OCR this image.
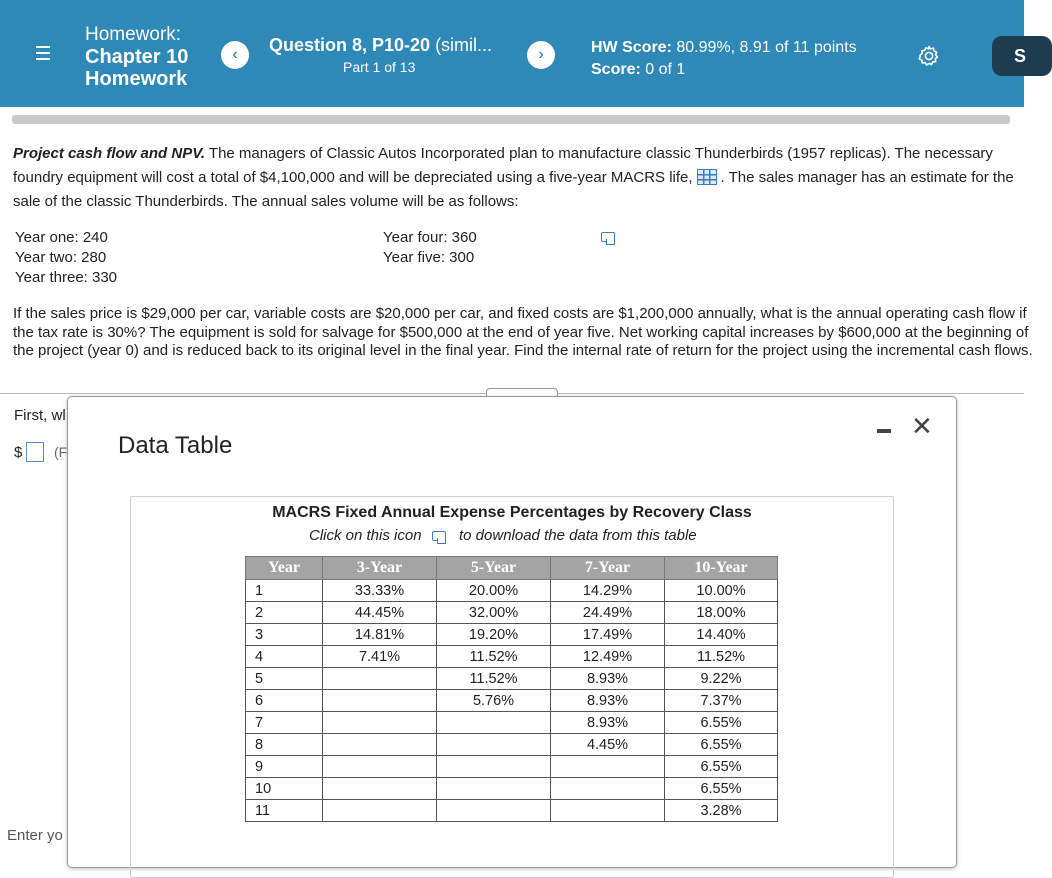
Homework:
Chapter 10
Homework
‹	Question 8, P10-20 (simil...
Part 1 of 13
›	HW Score: 80.99%, 8.91 of 11 points
Score: 0 of 1
S
Project cash flow and NPV. The managers of Classic Autos Incorporated plan to manufacture classic Thunderbirds (1957 replicas). The necessary foundry equipment will cost a total of $4,100,000 and will be depreciated using a five-year MACRS life, . The sales manager has an estimate for the sale of the classic Thunderbirds. The annual sales volume will be as follows:
Year one: 240
Year two: 280
Year three: 330
Year four: 360
Year five: 300
If the sales price is $29,000 per car, variable costs are $20,000 per car, and fixed costs are $1,200,000 annually, what is the annual operating cash flow if the tax rate is 30%? The equipment is sold for salvage for $500,000 at the end of year five. Net working capital increases by $600,000 at the beginning of the project (year 0) and is reduced back to its original level in the final year. Find the internal rate of return for the project using the incremental cash flows.
First, wl
$ (F
Enter yo
Data Table
✕
MACRS Fixed Annual Expense Percentages by Recovery Class
Click on this icon to download the data from this table
Year	3-Year	5-Year	7-Year	10-Year
1	33.33%	20.00%	14.29%	10.00%
2	44.45%	32.00%	24.49%	18.00%
3	14.81%	19.20%	17.49%	14.40%
4	7.41%	11.52%	12.49%	11.52%
5		11.52%	8.93%	9.22%
6		5.76%	8.93%	7.37%
7			8.93%	6.55%
8			4.45%	6.55%
9				6.55%
10				6.55%
11				3.28%
